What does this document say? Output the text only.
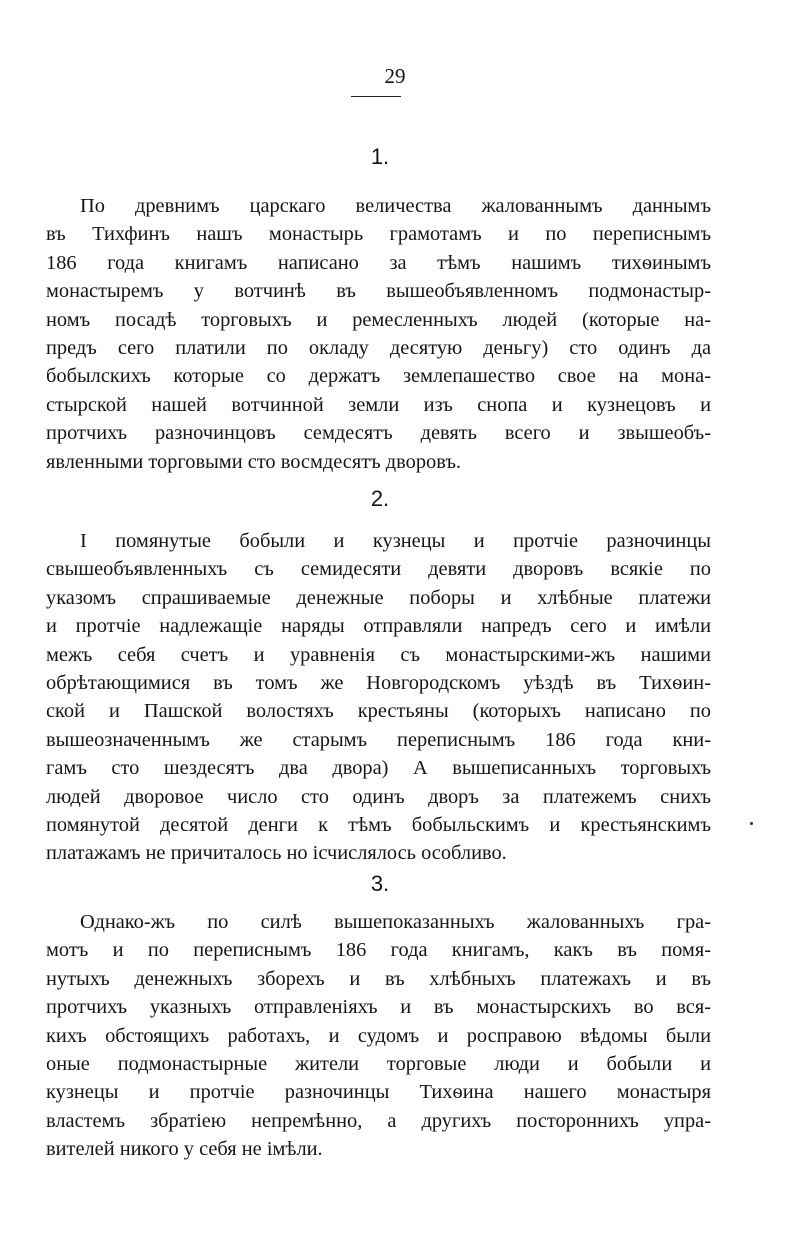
29
1.
По древнимъ царскаго величества жалованнымъ даннымъ
въ Тихфинъ нашъ монастырь грамотамъ и по переписнымъ
186 года книгамъ написано за тѣмъ нашимъ тихѳинымъ
монастыремъ у вотчинѣ въ вышеобъявленномъ подмонастыр-
номъ посадѣ торговыхъ и ремесленныхъ людей (которые на-
предъ сего платили по окладу десятую деньгу) сто одинъ да
бобылскихъ которые со держатъ землепашество свое на мона-
стырской нашей вотчинной земли изъ снопа и кузнецовъ и
протчихъ разночинцовъ семдесятъ девять всего и звышеобъ-
явленными торговыми сто восмдесятъ дворовъ.
2.
І помянутые бобыли и кузнецы и протчіе разночинцы
свышеобъявленныхъ съ семидесяти девяти дворовъ всякіе по
указомъ спрашиваемые денежные поборы и хлѣбные платежи
и протчіе надлежащіе наряды отправляли напредъ сего и имѣли
межъ себя счетъ и уравненія съ монастырскими-жъ нашими
обрѣтающимися въ томъ же Новгородскомъ уѣздѣ въ Тихѳин-
ской и Пашской волостяхъ крестьяны (которыхъ написано по
вышеозначеннымъ же старымъ переписнымъ 186 года кни-
гамъ сто шездесятъ два двора) А вышеписанныхъ торговыхъ
людей дворовое число сто одинъ дворъ за платежемъ снихъ
помянутой десятой денги к тѣмъ бобыльскимъ и крестьянскимъ
платажамъ не причиталось но ісчислялось особливо.
3.
Однако-жъ по силѣ вышепоказанныхъ жалованныхъ гра-
мотъ и по переписнымъ 186 года книгамъ, какъ въ помя-
нутыхъ денежныхъ зборехъ и въ хлѣбныхъ платежахъ и въ
протчихъ указныхъ отправленіяхъ и въ монастырскихъ во вся-
кихъ обстоящихъ работахъ, и судомъ и росправою вѣдомы были
оные подмонастырные жители торговые люди и бобыли и
кузнецы и протчіе разночинцы Тихѳина нашего монастыря
властемъ збратіею непремѣнно, а другихъ постороннихъ упра-
вителей никого у себя не імѣли.
